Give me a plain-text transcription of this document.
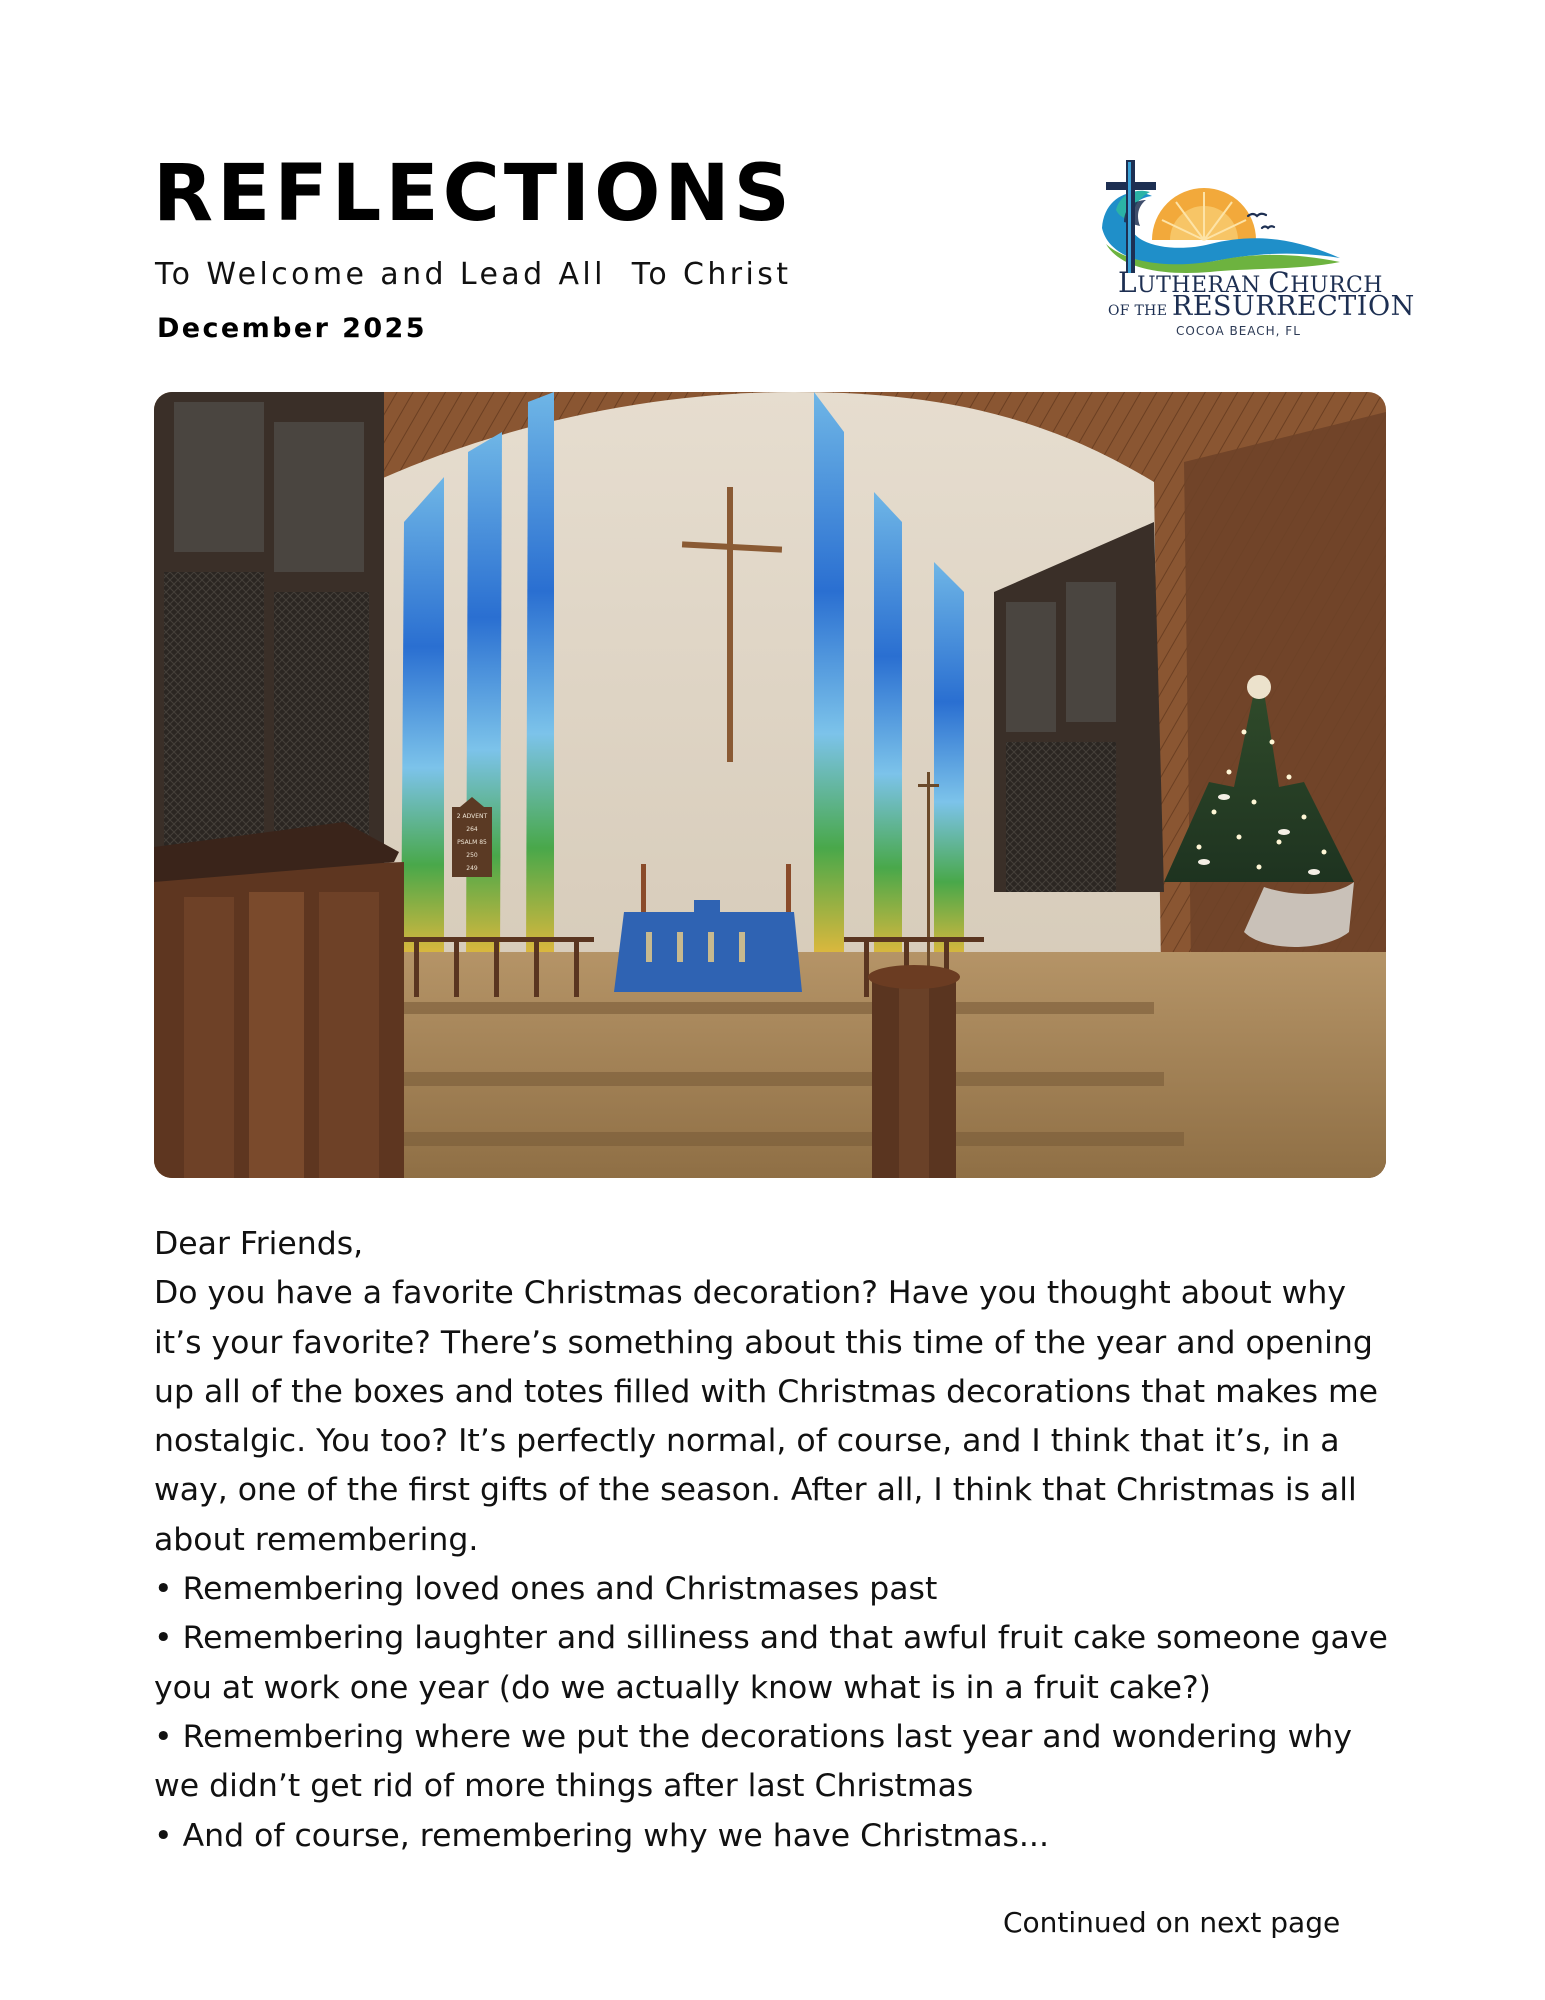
REFLECTIONS
To Welcome and Lead All  To Christ
December 2025
LUTHERAN CHURCH
OF THE RESURRECTION
COCOA BEACH, FL
2 ADVENT
264
PSALM 85
250
249

Dear Friends,

Do you have a favorite Christmas decoration? Have you thought about why it’s your favorite? There’s something about this time of the year and opening up all of the boxes and totes filled with Christmas decorations that makes me nostalgic. You too? It’s perfectly normal, of course, and I think that it’s, in a way, one of the first gifts of the season. After all, I think that Christmas is all about remembering.

• Remembering loved ones and Christmases past
• Remembering laughter and silliness and that awful fruit cake someone gave you at work one year (do we actually know what is in a fruit cake?)
• Remembering where we put the decorations last year and wondering why we didn’t get rid of more things after last Christmas
• And of course, remembering why we have Christmas...
Continued on next page
